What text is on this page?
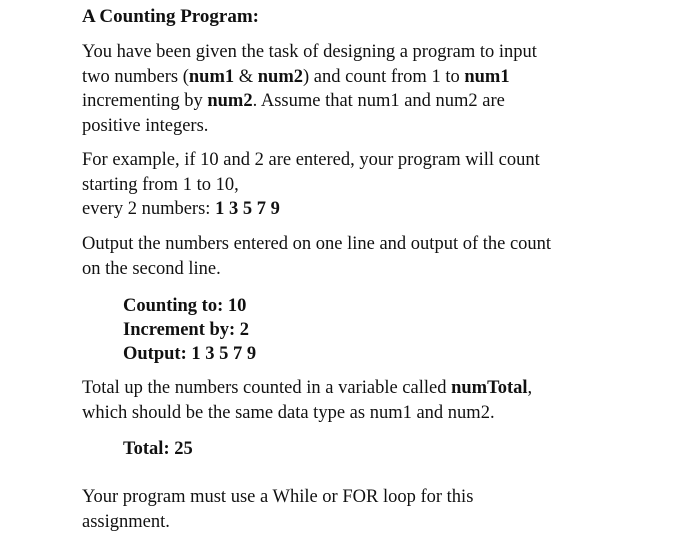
A Counting Program:

You have been given the task of designing a program to input
two numbers (num1 & num2) and count from 1 to num1
incrementing by num2. Assume that num1 and num2 are
positive integers.

For example, if 10 and 2 are entered, your program will count
starting from 1 to 10,
every 2 numbers: 1 3 5 7 9

Output the numbers entered on one line and output of the count
on the second line.

Counting to: 10
Increment by: 2
Output: 1 3 5 7 9

Total up the numbers counted in a variable called numTotal,
which should be the same data type as num1 and num2.

Total: 25

Your program must use a While or FOR loop for this
assignment.
